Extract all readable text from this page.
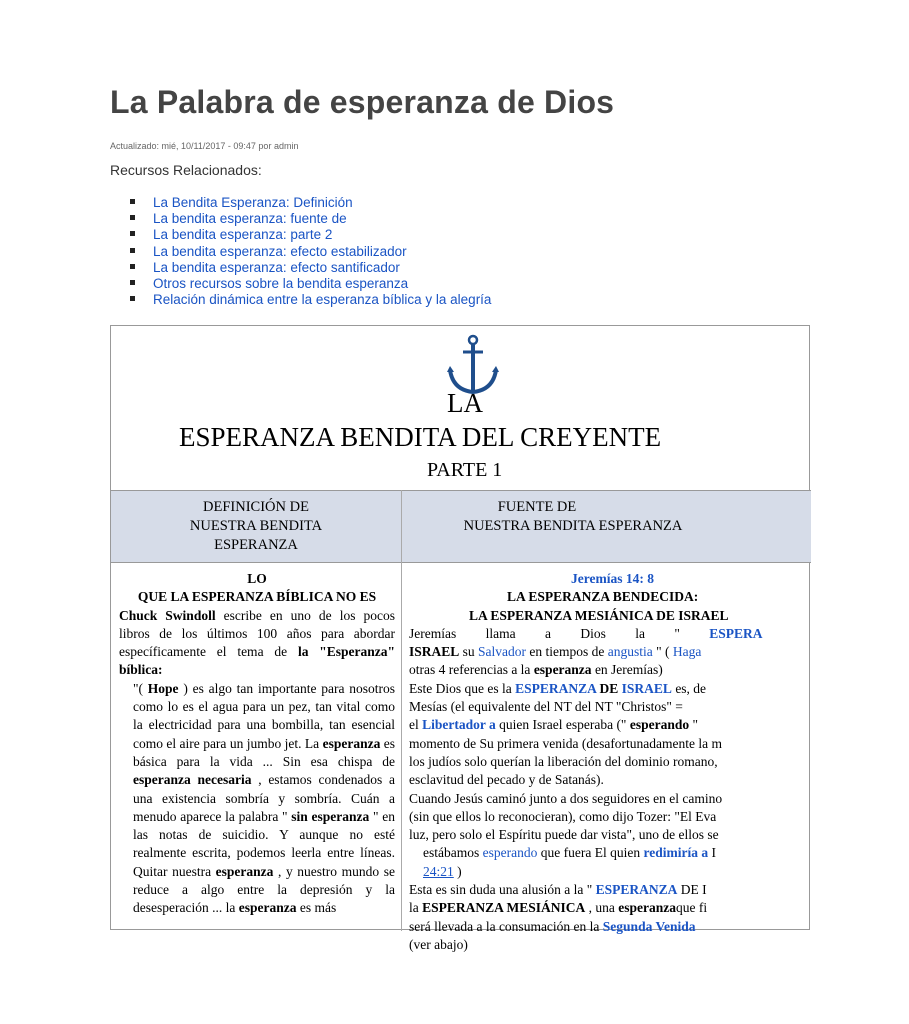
La Palabra de esperanza de Dios
Actualizado: mié, 10/11/2017 - 09:47 por admin
Recursos Relacionados:
La Bendita Esperanza: Definición
La bendita esperanza: fuente de
La bendita esperanza: parte 2
La bendita esperanza: efecto estabilizador
La bendita esperanza: efecto santificador
Otros recursos sobre la bendita esperanza
Relación dinámica entre la esperanza bíblica y la alegría
LA
ESPERANZA BENDITA DEL CREYENTE
PARTE 1
DEFINICIÓN DE
NUESTRA BENDITA
ESPERANZA
FUENTE DE
NUESTRA BENDITA ESPERANZA
LO
QUE LA ESPERANZA BÍBLICA NO ES
Chuck Swindoll escribe en uno de los pocos libros de los últimos 100 años para abordar específicamente el tema de la "Esperanza" bíblica:
"( Hope ) es algo tan importante para nosotros como lo es el agua para un pez, tan vital como la electricidad para una bombilla, tan esencial como el aire para un jumbo jet. La esperanza es básica para la vida ... Sin esa chispa de esperanza necesaria , estamos condenados a una existencia sombría y sombría. Cuán a menudo aparece la palabra " sin esperanza " en las notas de suicidio. Y aunque no esté realmente escrita, podemos leerla entre líneas. Quitar nuestra esperanza , y nuestro mundo se reduce a algo entre la depresión y la desesperación ... la esperanza es más
Jeremías 14: 8
LA ESPERANZA BENDECIDA:
LA ESPERANZA MESIÁNICA DE ISRAEL
Jeremías llama a Dios la " ESPERA
ISRAEL su Salvador en tiempos de angustia " ( Haga
otras 4 referencias a la esperanza en Jeremías)
Este Dios que es la ESPERANZA DE ISRAEL es, de
Mesías (el equivalente del NT del NT "Christos" =
el Libertador a quien Israel esperaba (" esperando "
momento de Su primera venida (desafortunadamente la m
los judíos solo querían la liberación del dominio romano,
esclavitud del pecado y de Satanás).
Cuando Jesús caminó junto a dos seguidores en el camino
(sin que ellos lo reconocieran), como dijo Tozer: "El Eva
luz, pero solo el Espíritu puede dar vista", uno de ellos se
estábamos esperando que fuera El quien redimiría a I
24:21 )
Esta es sin duda una alusión a la " ESPERANZA DE I
la ESPERANZA MESIÁNICA , una esperanzaque fi
será llevada a la consumación en la Segunda Venida
(ver abajo)
